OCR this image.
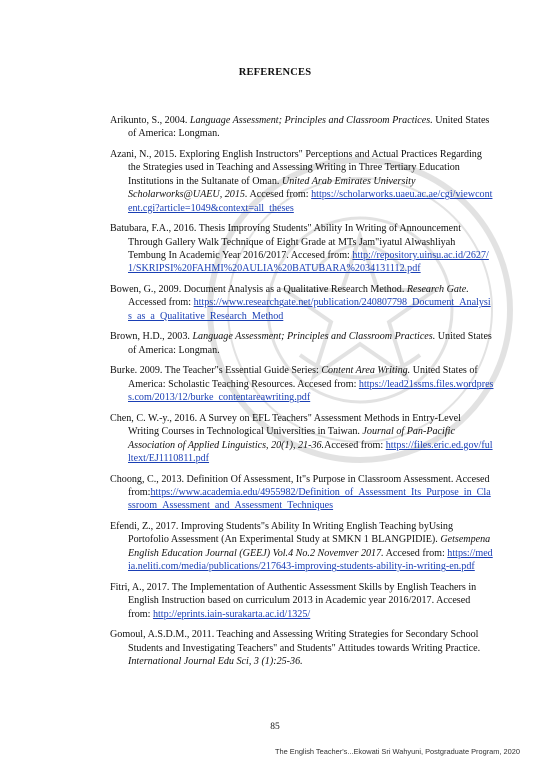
REFERENCES

Arikunto, S., 2004. Language Assessment; Principles and Classroom Practices. United States of America: Longman.

Azani, N., 2015. Exploring English Instructors" Perceptions and Actual Practices Regarding the Strategies used in Teaching and Assessing Writing in Three Tertiary Education Institutions in the Sultanate of Oman. United Arab Emirates University Scholarworks@UAEU, 2015. Accesed from: https://scholarworks.uaeu.ac.ae/cgi/viewcontent.cgi?article=1049&context=all_theses

Batubara, F.A., 2016. Thesis Improving Students" Ability In Writing of Announcement Through Gallery Walk Technique of Eight Grade at MTs Jam"iyatul Alwashliyah Tembung In Academic Year 2016/2017. Accesed from: http://repository.uinsu.ac.id/2627/1/SKRIPSI%20FAHMI%20AULIA%20BATUBARA%2034131112.pdf

Bowen, G., 2009. Document Analysis as a Qualitative Research Method. Research Gate. Accessed from: https://www.researchgate.net/publication/240807798_Document_Analysis_as_a_Qualitative_Research_Method

Brown, H.D., 2003. Language Assessment; Principles and Classroom Practices. United States of America: Longman.

Burke. 2009. The Teacher"s Essential Guide Series: Content Area Writing. United States of America: Scholastic Teaching Resources. Accesed from: https://lead21ssms.files.wordpress.com/2013/12/burke_contentareawriting.pdf

Chen, C. W.-y., 2016. A Survey on EFL Teachers" Assessment Methods in Entry-Level Writing Courses in Technological Universities in Taiwan. Journal of Pan-Pacific Association of Applied Linguistics, 20(1), 21-36.Accesed from: https://files.eric.ed.gov/fulltext/EJ1110811.pdf

Choong, C., 2013. Definition Of Assessment, It"s Purpose in Classroom Assessment. Accesed from:https://www.academia.edu/4955982/Definition_of_Assessment_Its_Purpose_in_Classroom_Assessment_and_Assessment_Techniques

Efendi, Z., 2017. Improving Students"s Ability In Writing English Teaching byUsing Portofolio Assessment (An Experimental Study at SMKN 1 BLANGPIDIE). Getsempena English Education Journal (GEEJ) Vol.4 No.2 Novemver 2017. Accesed from: https://media.neliti.com/media/publications/217643-improving-students-ability-in-writing-en.pdf

Fitri, A., 2017. The Implementation of Authentic Assessment Skills by English Teachers in English Instruction based on curriculum 2013 in Academic year 2016/2017. Accesed from: http://eprints.iain-surakarta.ac.id/1325/

Gomoul, A.S.D.M., 2011. Teaching and Assessing Writing Strategies for Secondary School Students and Investigating Teachers" and Students" Attitudes towards Writing Practice. International Journal Edu Sci, 3 (1):25-36.

85
The English Teacher's...Ekowati Sri Wahyuni, Postgraduate Program, 2020
